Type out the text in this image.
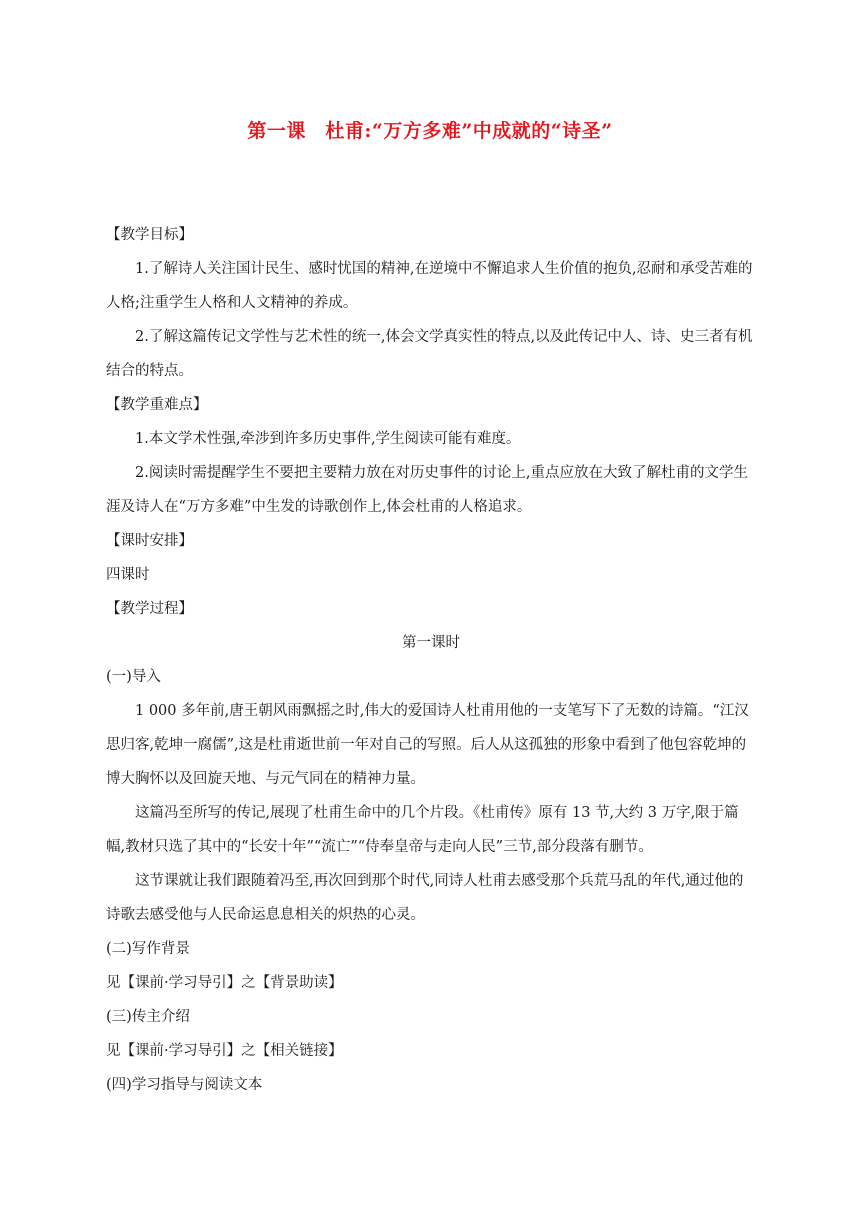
第一课　杜甫:“万方多难”中成就的“诗圣”

【教学目标】

1.了解诗人关注国计民生、感时忧国的精神,在逆境中不懈追求人生价值的抱负,忍耐和承受苦难的人格;注重学生人格和人文精神的养成。

2.了解这篇传记文学性与艺术性的统一,体会文学真实性的特点,以及此传记中人、诗、史三者有机结合的特点。

【教学重难点】

1.本文学术性强,牵涉到许多历史事件,学生阅读可能有难度。

2.阅读时需提醒学生不要把主要精力放在对历史事件的讨论上,重点应放在大致了解杜甫的文学生涯及诗人在“万方多难”中生发的诗歌创作上,体会杜甫的人格追求。

【课时安排】

四课时

【教学过程】

第一课时

(一)导入

1 000 多年前,唐王朝风雨飘摇之时,伟大的爱国诗人杜甫用他的一支笔写下了无数的诗篇。“江汉思归客,乾坤一腐儒”,这是杜甫逝世前一年对自己的写照。后人从这孤独的形象中看到了他包容乾坤的博大胸怀以及回旋天地、与元气同在的精神力量。

这篇冯至所写的传记,展现了杜甫生命中的几个片段。《杜甫传》原有 13 节,大约 3 万字,限于篇幅,教材只选了其中的“长安十年”“流亡”“侍奉皇帝与走向人民”三节,部分段落有删节。

这节课就让我们跟随着冯至,再次回到那个时代,同诗人杜甫去感受那个兵荒马乱的年代,通过他的诗歌去感受他与人民命运息息相关的炽热的心灵。

(二)写作背景

见【课前·学习导引】之【背景助读】

(三)传主介绍

见【课前·学习导引】之【相关链接】

(四)学习指导与阅读文本
